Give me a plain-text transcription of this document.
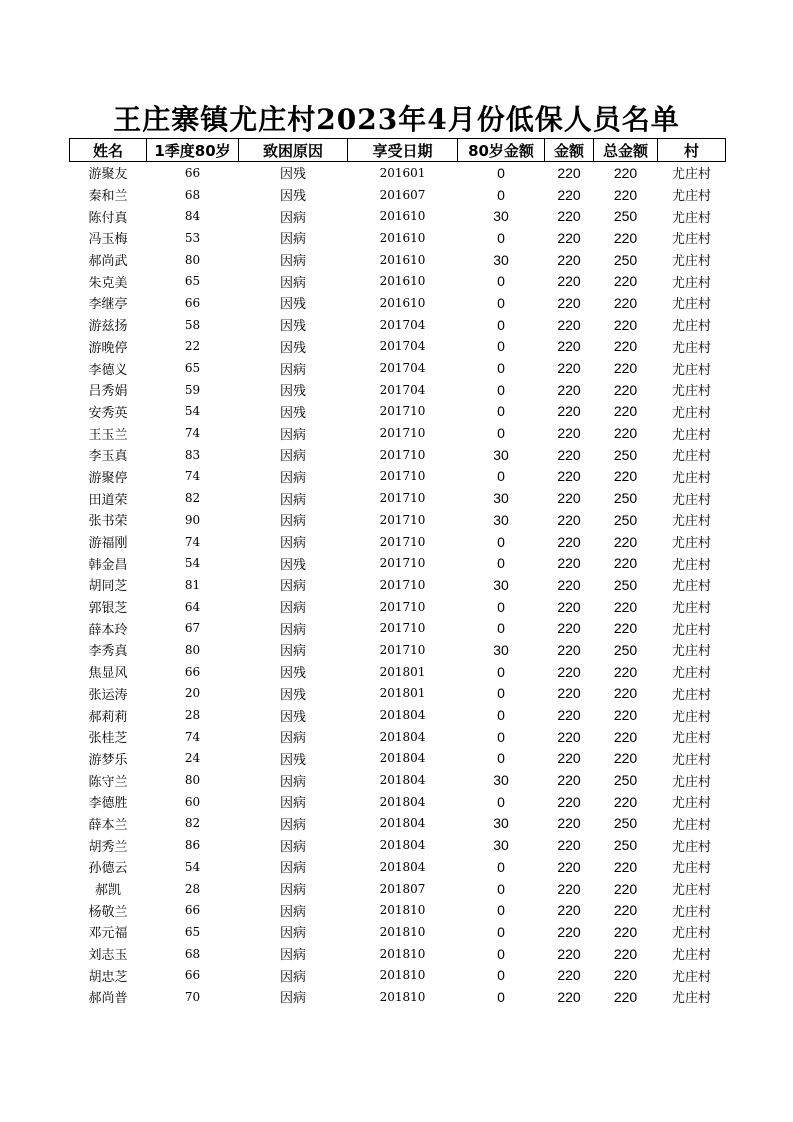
王庄寨镇尤庄村2023年4月份低保人员名单
姓名	1季度80岁	致困原因	享受日期	80岁金额	金额	总金额	村
游聚友	66	因残	201601	0	220	220	尤庄村
秦和兰	68	因残	201607	0	220	220	尤庄村
陈付真	84	因病	201610	30	220	250	尤庄村
冯玉梅	53	因病	201610	0	220	220	尤庄村
郝尚武	80	因病	201610	30	220	250	尤庄村
朱克美	65	因病	201610	0	220	220	尤庄村
李继亭	66	因残	201610	0	220	220	尤庄村
游兹扬	58	因残	201704	0	220	220	尤庄村
游晚停	22	因残	201704	0	220	220	尤庄村
李德义	65	因病	201704	0	220	220	尤庄村
吕秀娟	59	因残	201704	0	220	220	尤庄村
安秀英	54	因残	201710	0	220	220	尤庄村
王玉兰	74	因病	201710	0	220	220	尤庄村
李玉真	83	因病	201710	30	220	250	尤庄村
游聚停	74	因病	201710	0	220	220	尤庄村
田道荣	82	因病	201710	30	220	250	尤庄村
张书荣	90	因病	201710	30	220	250	尤庄村
游福刚	74	因病	201710	0	220	220	尤庄村
韩金昌	54	因残	201710	0	220	220	尤庄村
胡同芝	81	因病	201710	30	220	250	尤庄村
郭银芝	64	因病	201710	0	220	220	尤庄村
薛本玲	67	因病	201710	0	220	220	尤庄村
李秀真	80	因病	201710	30	220	250	尤庄村
焦显风	66	因残	201801	0	220	220	尤庄村
张运涛	20	因残	201801	0	220	220	尤庄村
郝莉莉	28	因残	201804	0	220	220	尤庄村
张桂芝	74	因病	201804	0	220	220	尤庄村
游梦乐	24	因残	201804	0	220	220	尤庄村
陈守兰	80	因病	201804	30	220	250	尤庄村
李德胜	60	因病	201804	0	220	220	尤庄村
薛本兰	82	因病	201804	30	220	250	尤庄村
胡秀兰	86	因病	201804	30	220	250	尤庄村
孙德云	54	因病	201804	0	220	220	尤庄村
郝凯	28	因病	201807	0	220	220	尤庄村
杨敬兰	66	因病	201810	0	220	220	尤庄村
邓元福	65	因病	201810	0	220	220	尤庄村
刘志玉	68	因病	201810	0	220	220	尤庄村
胡忠芝	66	因病	201810	0	220	220	尤庄村
郝尚普	70	因病	201810	0	220	220	尤庄村
